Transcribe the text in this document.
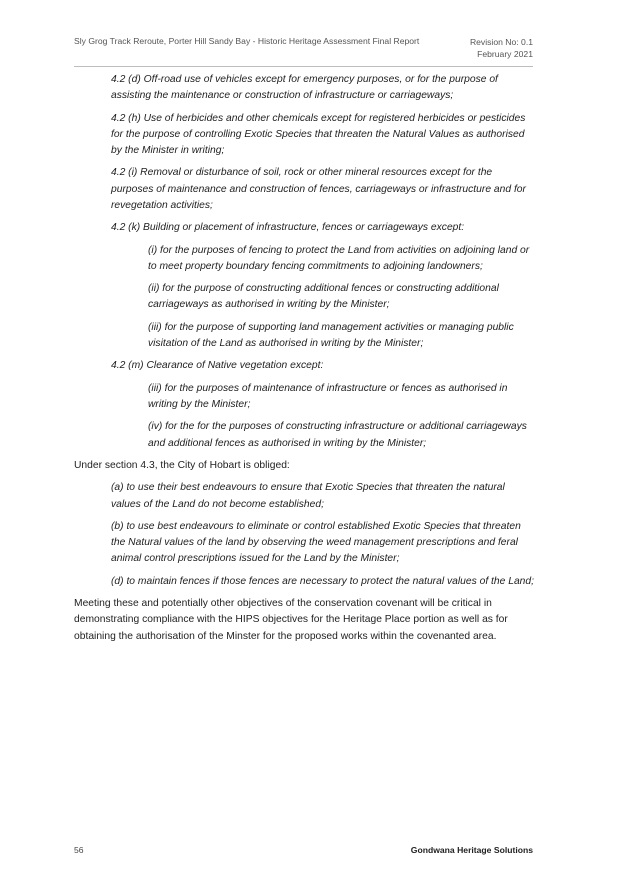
Sly Grog Track Reroute, Porter Hill Sandy Bay - Historic Heritage Assessment Final Report	Revision No: 0.1
February 2021

4.2 (d) Off-road use of vehicles except for emergency purposes, or for the purpose of assisting the maintenance or construction of infrastructure or carriageways;

4.2 (h) Use of herbicides and other chemicals except for registered herbicides or pesticides for the purpose of controlling Exotic Species that threaten the Natural Values as authorised by the Minister in writing;

4.2 (i) Removal or disturbance of soil, rock or other mineral resources except for the purposes of maintenance and construction of fences, carriageways or infrastructure and for revegetation activities;

4.2 (k) Building or placement of infrastructure, fences or carriageways except:

(i) for the purposes of fencing to protect the Land from activities on adjoining land or to meet property boundary fencing commitments to adjoining landowners;

(ii) for the purpose of constructing additional fences or constructing additional carriageways as authorised in writing by the Minister;

(iii) for the purpose of supporting land management activities or managing public visitation of the Land as authorised in writing by the Minister;

4.2 (m) Clearance of Native vegetation except:

(iii) for the purposes of maintenance of infrastructure or fences as authorised in writing by the Minister;

(iv) for the for the purposes of constructing infrastructure or additional carriageways and additional fences as authorised in writing by the Minister;

Under section 4.3, the City of Hobart is obliged:

(a) to use their best endeavours to ensure that Exotic Species that threaten the natural values of the Land do not become established;

(b) to use best endeavours to eliminate or control established Exotic Species that threaten the Natural values of the land by observing the weed management prescriptions and feral animal control prescriptions issued for the Land by the Minister;

(d) to maintain fences if those fences are necessary to protect the natural values of the Land;

Meeting these and potentially other objectives of the conservation covenant will be critical in demonstrating compliance with the HIPS objectives for the Heritage Place portion as well as for obtaining the authorisation of the Minster for the proposed works within the covenanted area.

56	Gondwana Heritage Solutions
